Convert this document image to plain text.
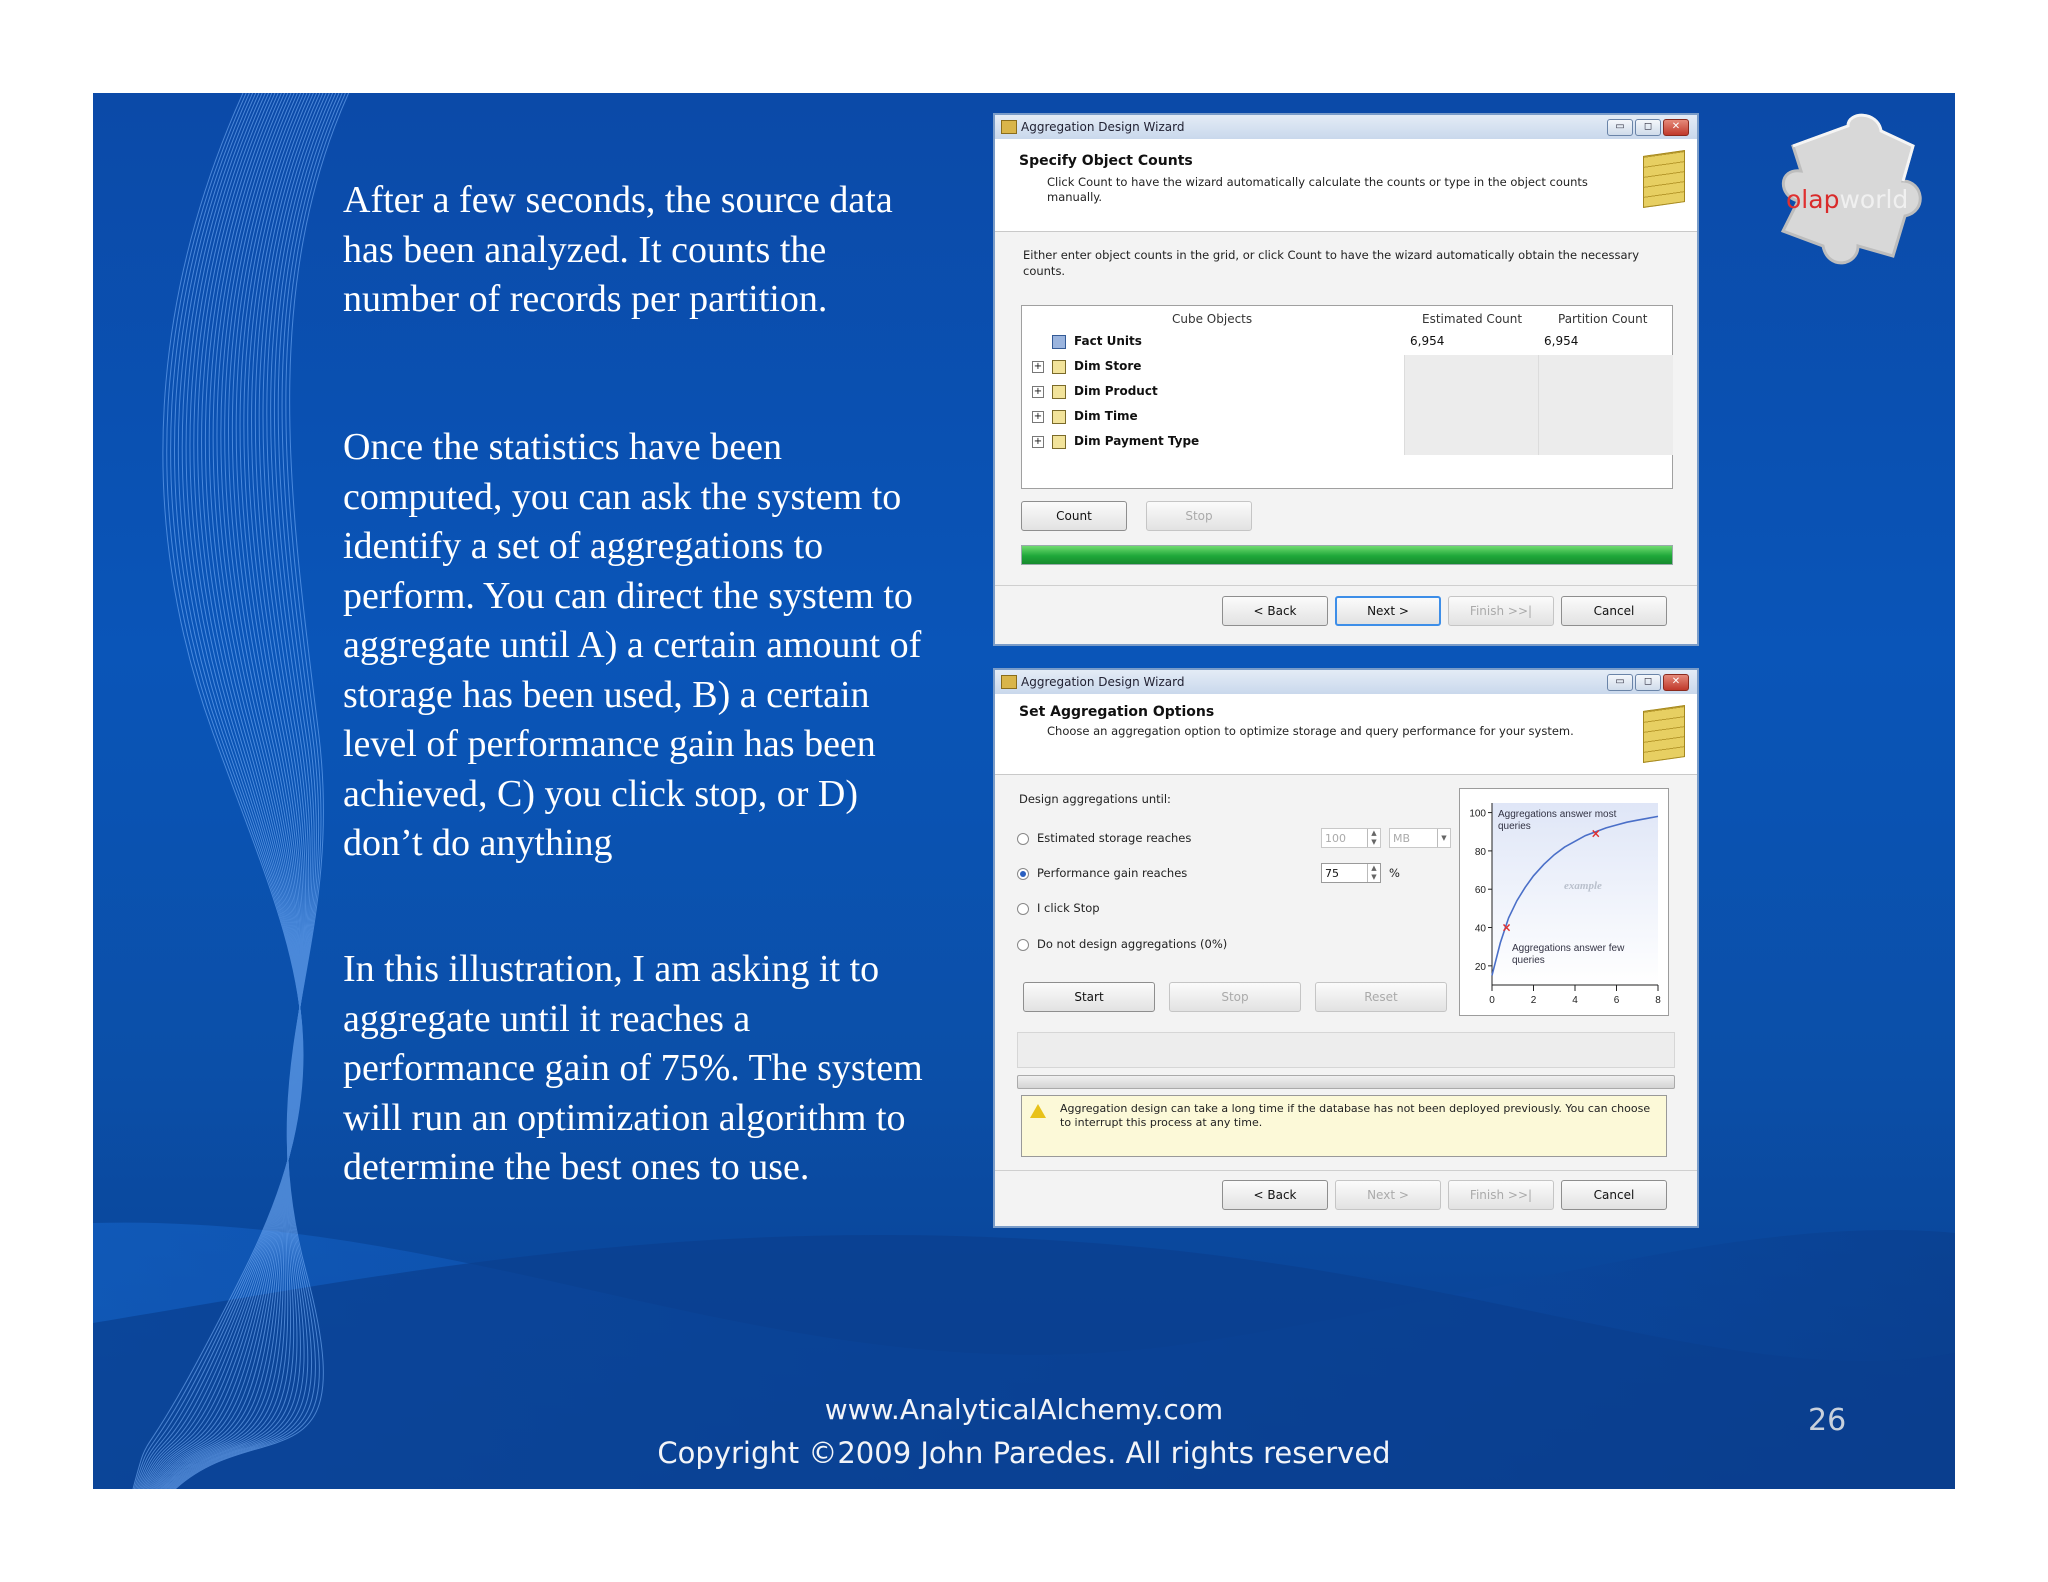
After a few seconds, the source data has been analyzed. It counts the number of records per partition.
Once the statistics have been computed, you can ask the system to identify a set of aggregations to perform. You can direct the system to aggregate until A) a certain amount of storage has been used, B) a certain level of performance gain has been achieved, C) you click stop, or D) don’t do anything
In this illustration, I am asking it to aggregate until it reaches a performance gain of 75%. The system will run an optimization algorithm to determine the best ones to use.
olapworld
Aggregation Design Wizard	▭	◻	✕
Specify Object Counts
Click Count to have the wizard automatically calculate the counts or type in the object counts manually.
Either enter object counts in the grid, or click Count to have the wizard automatically obtain the necessary counts.
Cube Objects	Estimated Count	Partition Count
Fact Units	6,954	6,954
+	Dim Store
+	Dim Product
+	Dim Time
+	Dim Payment Type
Count	Stop
< Back	Next >	Finish >>|	Cancel
Aggregation Design Wizard	▭	◻	✕
Set Aggregation Options
Choose an aggregation option to optimize storage and query performance for your system.
Design aggregations until:
Estimated storage reaches
Performance gain reaches
I click Stop
Do not design aggregations (0%)
100	▲
▼	MB	▼
75	▲
▼ %
Start	Stop	Reset
20
40
60
80
100
0	2	4	6	8
×
×
Aggregations answer most queries
example
Aggregations answer few queries
Aggregation design can take a long time if the database has not been deployed previously. You can choose to interrupt this process at any time.
< Back	Next >	Finish >>|	Cancel
www.AnalyticalAlchemy.com
Copyright ©2009 John Paredes. All rights reserved
26
